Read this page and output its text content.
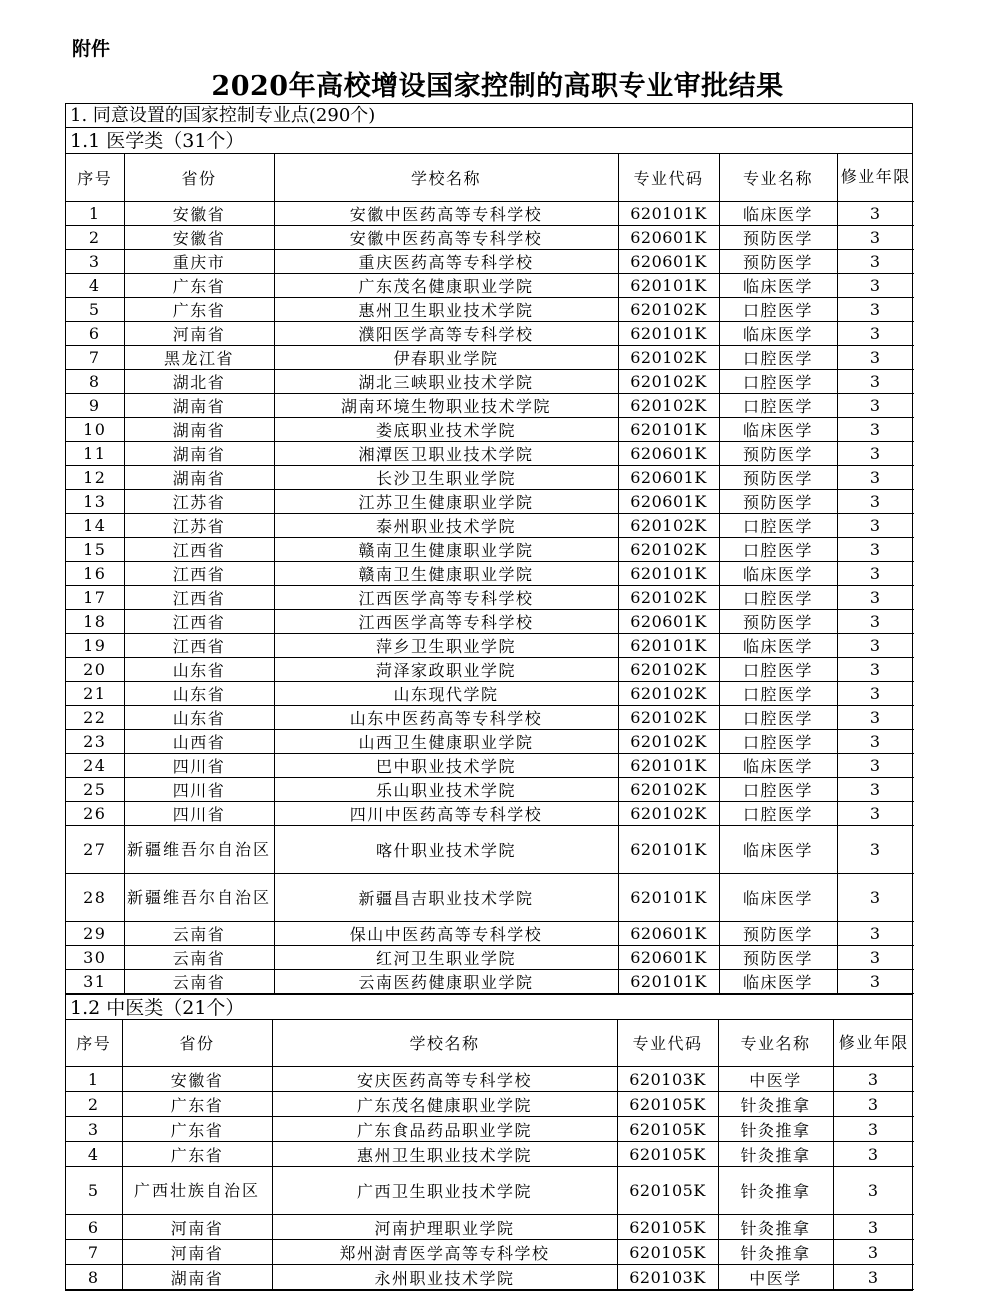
附件
2020年高校增设国家控制的高职专业审批结果
1. 同意设置的国家控制专业点(290个)
1.1 医学类（31个）
序号	省份	学校名称	专业代码	专业名称	修业年限
1	安徽省	安徽中医药高等专科学校	620101K	临床医学	3
2	安徽省	安徽中医药高等专科学校	620601K	预防医学	3
3	重庆市	重庆医药高等专科学校	620601K	预防医学	3
4	广东省	广东茂名健康职业学院	620101K	临床医学	3
5	广东省	惠州卫生职业技术学院	620102K	口腔医学	3
6	河南省	濮阳医学高等专科学校	620101K	临床医学	3
7	黑龙江省	伊春职业学院	620102K	口腔医学	3
8	湖北省	湖北三峡职业技术学院	620102K	口腔医学	3
9	湖南省	湖南环境生物职业技术学院	620102K	口腔医学	3
10	湖南省	娄底职业技术学院	620101K	临床医学	3
11	湖南省	湘潭医卫职业技术学院	620601K	预防医学	3
12	湖南省	长沙卫生职业学院	620601K	预防医学	3
13	江苏省	江苏卫生健康职业学院	620601K	预防医学	3
14	江苏省	泰州职业技术学院	620102K	口腔医学	3
15	江西省	赣南卫生健康职业学院	620102K	口腔医学	3
16	江西省	赣南卫生健康职业学院	620101K	临床医学	3
17	江西省	江西医学高等专科学校	620102K	口腔医学	3
18	江西省	江西医学高等专科学校	620601K	预防医学	3
19	江西省	萍乡卫生职业学院	620101K	临床医学	3
20	山东省	菏泽家政职业学院	620102K	口腔医学	3
21	山东省	山东现代学院	620102K	口腔医学	3
22	山东省	山东中医药高等专科学校	620102K	口腔医学	3
23	山西省	山西卫生健康职业学院	620102K	口腔医学	3
24	四川省	巴中职业技术学院	620101K	临床医学	3
25	四川省	乐山职业技术学院	620102K	口腔医学	3
26	四川省	四川中医药高等专科学校	620102K	口腔医学	3
27	新疆维吾尔自治区	喀什职业技术学院	620101K	临床医学	3
28	新疆维吾尔自治区	新疆昌吉职业技术学院	620101K	临床医学	3
29	云南省	保山中医药高等专科学校	620601K	预防医学	3
30	云南省	红河卫生职业学院	620601K	预防医学	3
31	云南省	云南医药健康职业学院	620101K	临床医学	3
1.2 中医类（21个）
序号	省份	学校名称	专业代码	专业名称	修业年限
1	安徽省	安庆医药高等专科学校	620103K	中医学	3
2	广东省	广东茂名健康职业学院	620105K	针灸推拿	3
3	广东省	广东食品药品职业学院	620105K	针灸推拿	3
4	广东省	惠州卫生职业技术学院	620105K	针灸推拿	3
5	广西壮族自治区	广西卫生职业技术学院	620105K	针灸推拿	3
6	河南省	河南护理职业学院	620105K	针灸推拿	3
7	河南省	郑州澍青医学高等专科学校	620105K	针灸推拿	3
8	湖南省	永州职业技术学院	620103K	中医学	3
